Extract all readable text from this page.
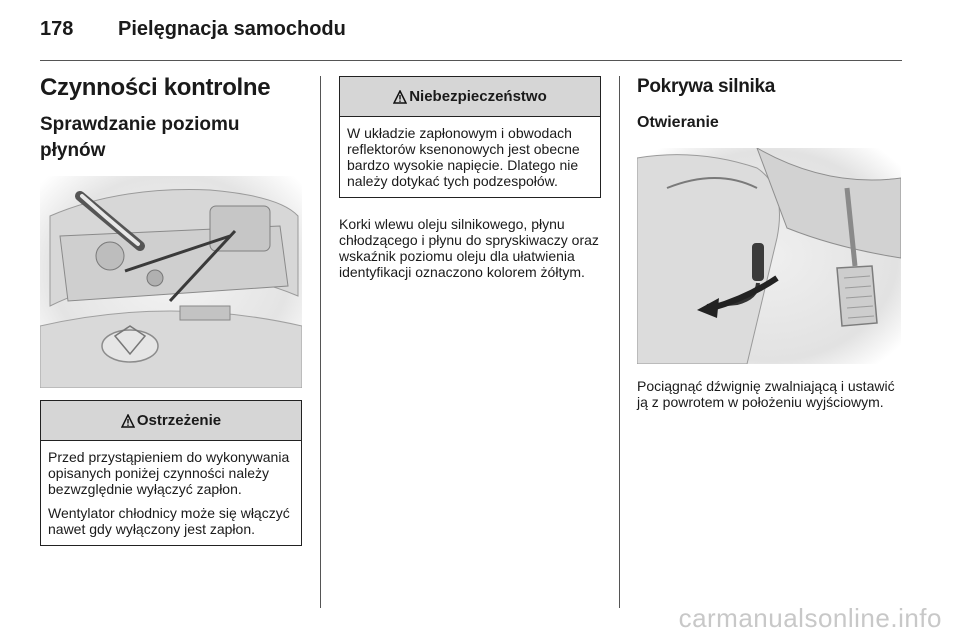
178	Pielęgnacja samochodu
Czynności kontrolne
Sprawdzanie poziomu płynów
Ostrzeżenie

Przed przystąpieniem do wykonywania opisanych poniżej czynności należy bezwzględnie wyłączyć zapłon.

Wentylator chłodnicy może się włączyć nawet gdy wyłączony jest zapłon.

Niebezpieczeństwo

W układzie zapłonowym i obwodach reflektorów ksenonowych jest obecne bardzo wysokie napięcie. Dlatego nie należy dotykać tych podzespołów.

Korki wlewu oleju silnikowego, płynu chłodzącego i płynu do spryskiwaczy oraz wskaźnik poziomu oleju dla ułatwienia identyfikacji oznaczono kolorem żółtym.

Pokrywa silnika
Otwieranie

Pociągnąć dźwignię zwalniającą i ustawić ją z powrotem w położeniu wyjściowym.

carmanualsonline.info
